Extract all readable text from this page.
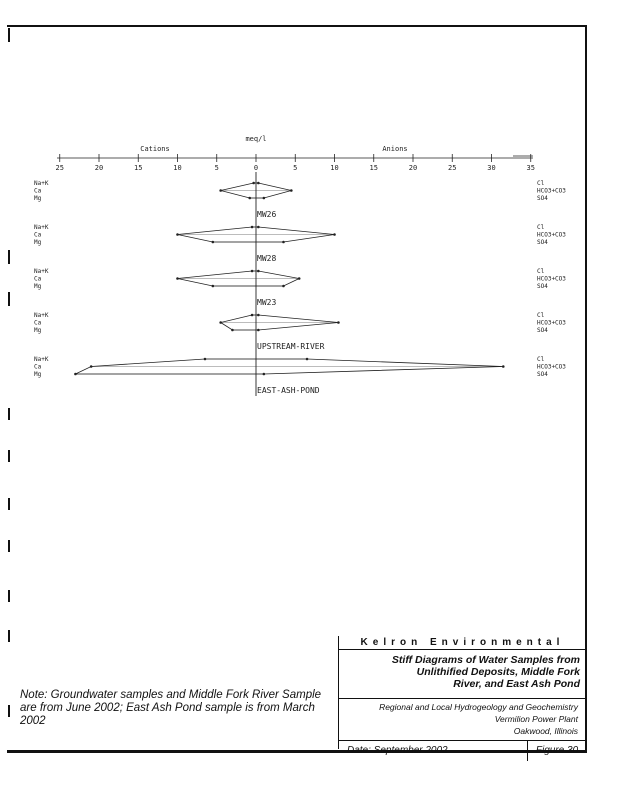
meq/l
Cations	Anions
25	20	15	10	5	0	5	10	15	20	25	30	35
Na+K
Ca
Mg
Cl
HCO3+CO3
SO4
MW26
Na+K
Ca
Mg
Cl
HCO3+CO3
SO4
MW28
Na+K
Ca
Mg
Cl
HCO3+CO3
SO4
MW23
Na+K
Ca
Mg
Cl
HCO3+CO3
SO4
UPSTREAM-RIVER
Na+K
Ca
Mg
Cl
HCO3+CO3
SO4
EAST-ASH-POND
Note: Groundwater samples and Middle Fork River Sample are from June 2002; East Ash Pond sample is from March 2002
Kelron Environmental
Stiff Diagrams of Water Samples from
Unlithified Deposits, Middle Fork
River, and East Ash Pond
Regional and Local Hydrogeology and Geochemistry
Vermilion Power Plant
Oakwood, Illinois
Date: September 2002	Figure 30
